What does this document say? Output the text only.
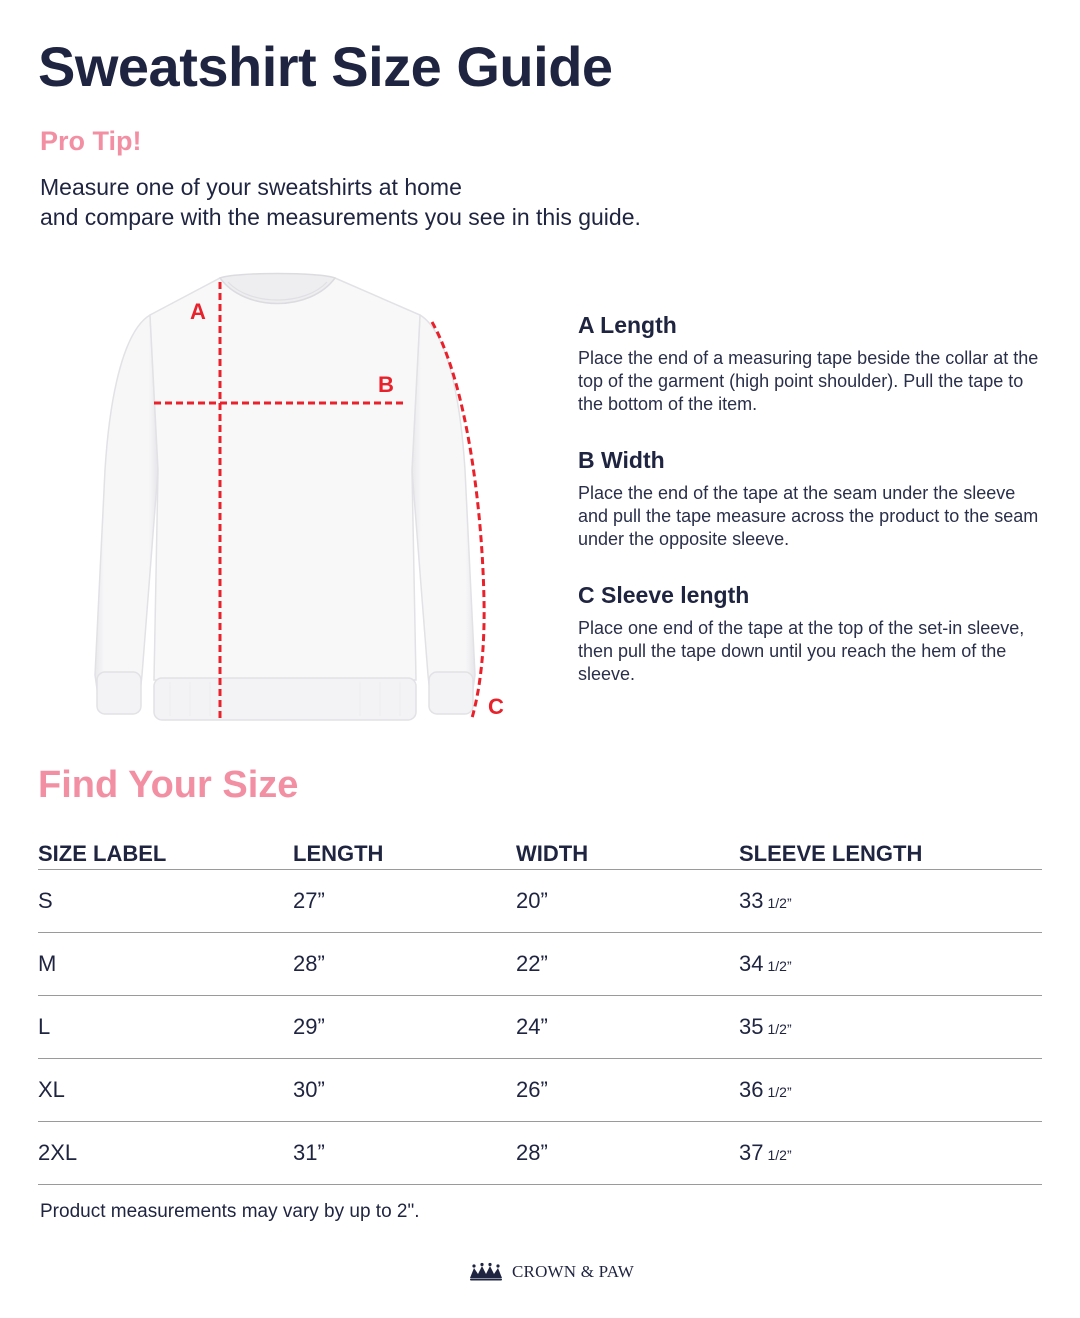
Sweatshirt Size Guide
Pro Tip!
Measure one of your sweatshirts at home
and compare with the measurements you see in this guide.
A
B
C
A Length
Place the end of a measuring tape beside the collar at the top of the garment (high point shoulder). Pull the tape to the bottom of the item.
B Width
Place the end of the tape at the seam under the sleeve and pull the tape measure across the product to the seam under the opposite sleeve.
C Sleeve length
Place one end of the tape at the top of the set-in sleeve, then pull the tape down until you reach the hem of the sleeve.
Find Your Size
SIZE LABEL	LENGTH	WIDTH	SLEEVE LENGTH
S	27”	20”	33 1/2”
M	28”	22”	34 1/2”
L	29”	24”	35 1/2”
XL	30”	26”	36 1/2”
2XL	31”	28”	37 1/2”
Product measurements may vary by up to 2".
CROWN & PAW
